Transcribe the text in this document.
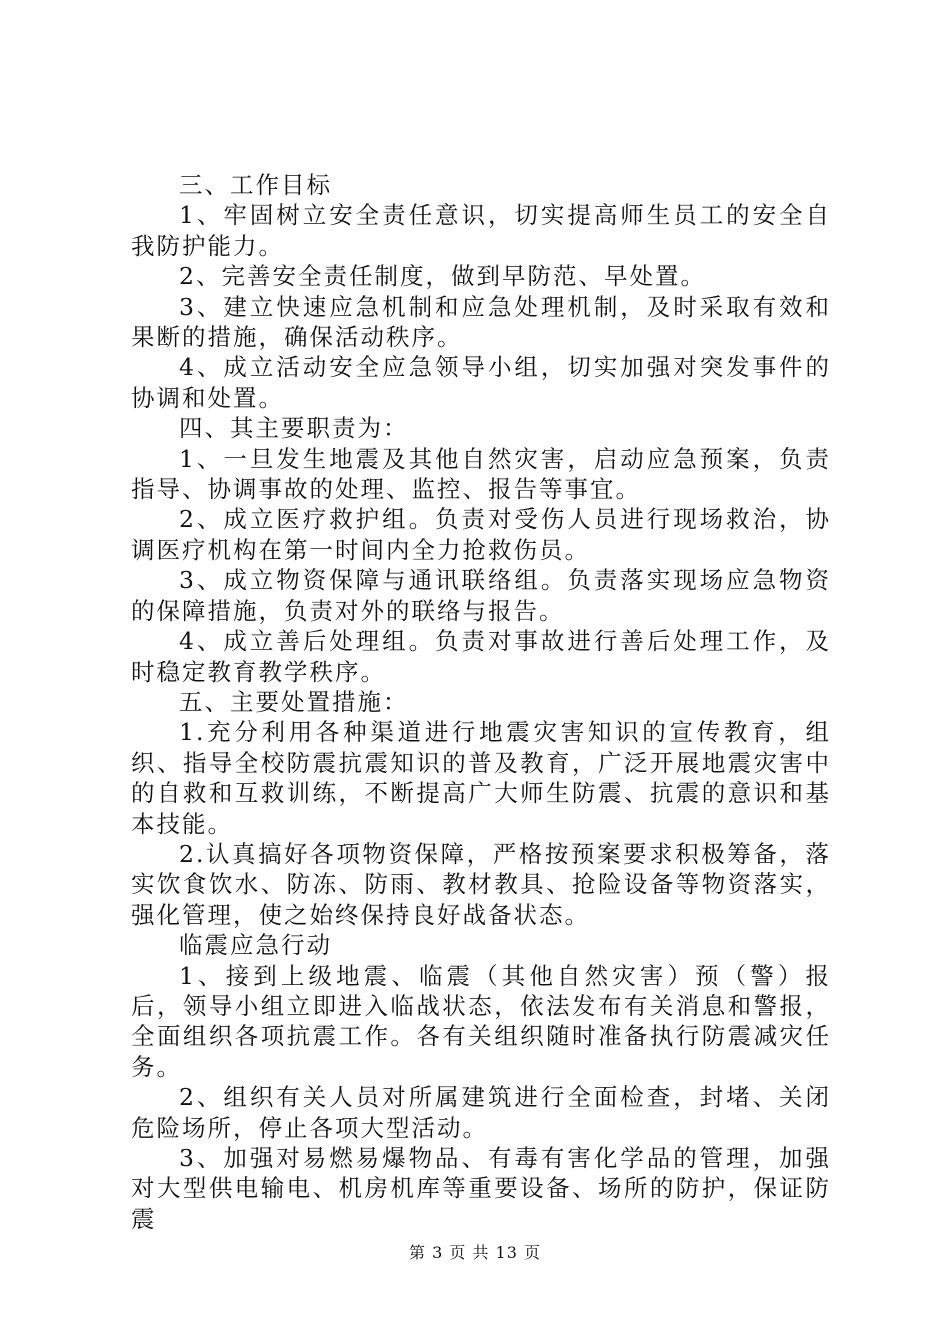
三、工作目标

1、牢固树立安全责任意识，切实提高师生员工的安全自我防护能力。

2、完善安全责任制度，做到早防范、早处置。

3、建立快速应急机制和应急处理机制，及时采取有效和果断的措施，确保活动秩序。

4、成立活动安全应急领导小组，切实加强对突发事件的协调和处置。

四、其主要职责为：

1、一旦发生地震及其他自然灾害，启动应急预案，负责指导、协调事故的处理、监控、报告等事宜。

2、成立医疗救护组。负责对受伤人员进行现场救治，协调医疗机构在第一时间内全力抢救伤员。

3、成立物资保障与通讯联络组。负责落实现场应急物资的保障措施，负责对外的联络与报告。

4、成立善后处理组。负责对事故进行善后处理工作，及时稳定教育教学秩序。

五、主要处置措施：

1.充分利用各种渠道进行地震灾害知识的宣传教育，组织、指导全校防震抗震知识的普及教育，广泛开展地震灾害中的自救和互救训练，不断提高广大师生防震、抗震的意识和基本技能。

2.认真搞好各项物资保障，严格按预案要求积极筹备，落实饮食饮水、防冻、防雨、教材教具、抢险设备等物资落实，强化管理，使之始终保持良好战备状态。

临震应急行动

1、接到上级地震、临震（其他自然灾害）预（警）报后，领导小组立即进入临战状态，依法发布有关消息和警报，全面组织各项抗震工作。各有关组织随时准备执行防震减灾任务。

2、组织有关人员对所属建筑进行全面检查，封堵、关闭危险场所，停止各项大型活动。

3、加强对易燃易爆物品、有毒有害化学品的管理，加强对大型供电输电、机房机库等重要设备、场所的防护，保证防震

第 3 页 共 13 页
